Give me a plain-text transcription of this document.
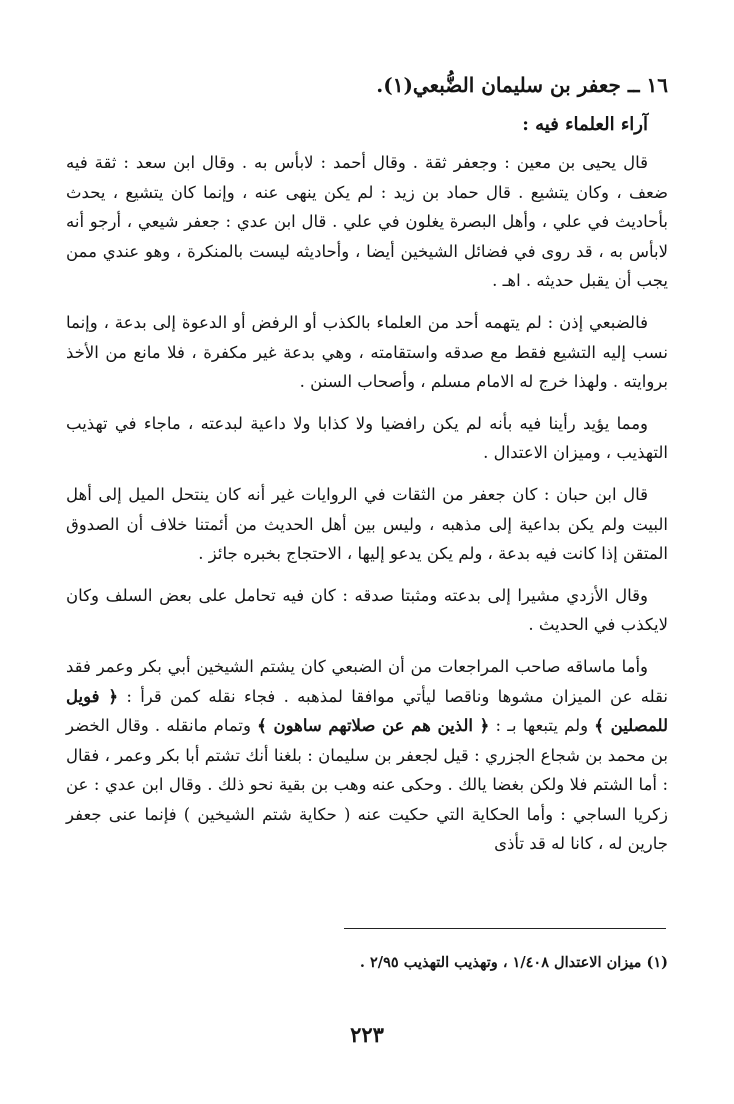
١٦ ــ جعفر بن سليمان الضُّبعي(١).
آراء العلماء فيه :

قال يحيى بن معين : وجعفر ثقة . وقال أحمد : لابأس به . وقال ابن سعد : ثقة فيه ضعف ، وكان يتشيع . قال حماد بن زيد : لم يكن ينهى عنه ، وإنما كان يتشيع ، يحدث بأحاديث في علي ، وأهل البصرة يغلون في علي . قال ابن عدي : جعفر شيعي ، أرجو أنه لابأس به ، قد روى في فضائل الشيخين أيضا ، وأحاديثه ليست بالمنكرة ، وهو عندي ممن يجب أن يقبل حديثه . اهـ .

فالضبعي إذن : لم يتهمه أحد من العلماء بالكذب أو الرفض أو الدعوة إلى بدعة ، وإنما نسب إليه التشيع فقط مع صدقه واستقامته ، وهي بدعة غير مكفرة ، فلا مانع من الأخذ بروايته . ولهذا خرج له الامام مسلم ، وأصحاب السنن .

ومما يؤيد رأينا فيه بأنه لم يكن رافضيا ولا كذابا ولا داعية لبدعته ، ماجاء في تهذيب التهذيب ، وميزان الاعتدال .

قال ابن حبان : كان جعفر من الثقات في الروايات غير أنه كان ينتحل الميل إلى أهل البيت ولم يكن بداعية إلى مذهبه ، وليس بين أهل الحديث من أئمتنا خلاف أن الصدوق المتقن إذا كانت فيه بدعة ، ولم يكن يدعو إليها ، الاحتجاج بخبره جائز .

وقال الأزدي مشيرا إلى بدعته ومثبتا صدقه : كان فيه تحامل على بعض السلف وكان لايكذب في الحديث .

وأما ماساقه صاحب المراجعات من أن الضبعي كان يشتم الشيخين أبي بكر وعمر فقد نقله عن الميزان مشوها وناقصا ليأتي موافقا لمذهبه . فجاء نقله كمن قرأ : ﴿ فويل للمصلين ﴾ ولم يتبعها بـ : ﴿ الذين هم عن صلاتهم ساهون ﴾ وتمام مانقله . وقال الخضر بن محمد بن شجاع الجزري : قيل لجعفر بن سليمان : بلغنا أنك تشتم أبا بكر وعمر ، فقال : أما الشتم فلا ولكن بغضا يالك . وحكى عنه وهب بن بقية نحو ذلك . وقال ابن عدي : عن زكريا الساجي : وأما الحكاية التي حكيت عنه ( حكاية شتم الشيخين ) فإنما عنى جعفر جارين له ، كانا له قد تأذى

(١) ميزان الاعتدال ١/٤٠٨ ، وتهذيب التهذيب ٢/٩٥ .
٢٢٣
